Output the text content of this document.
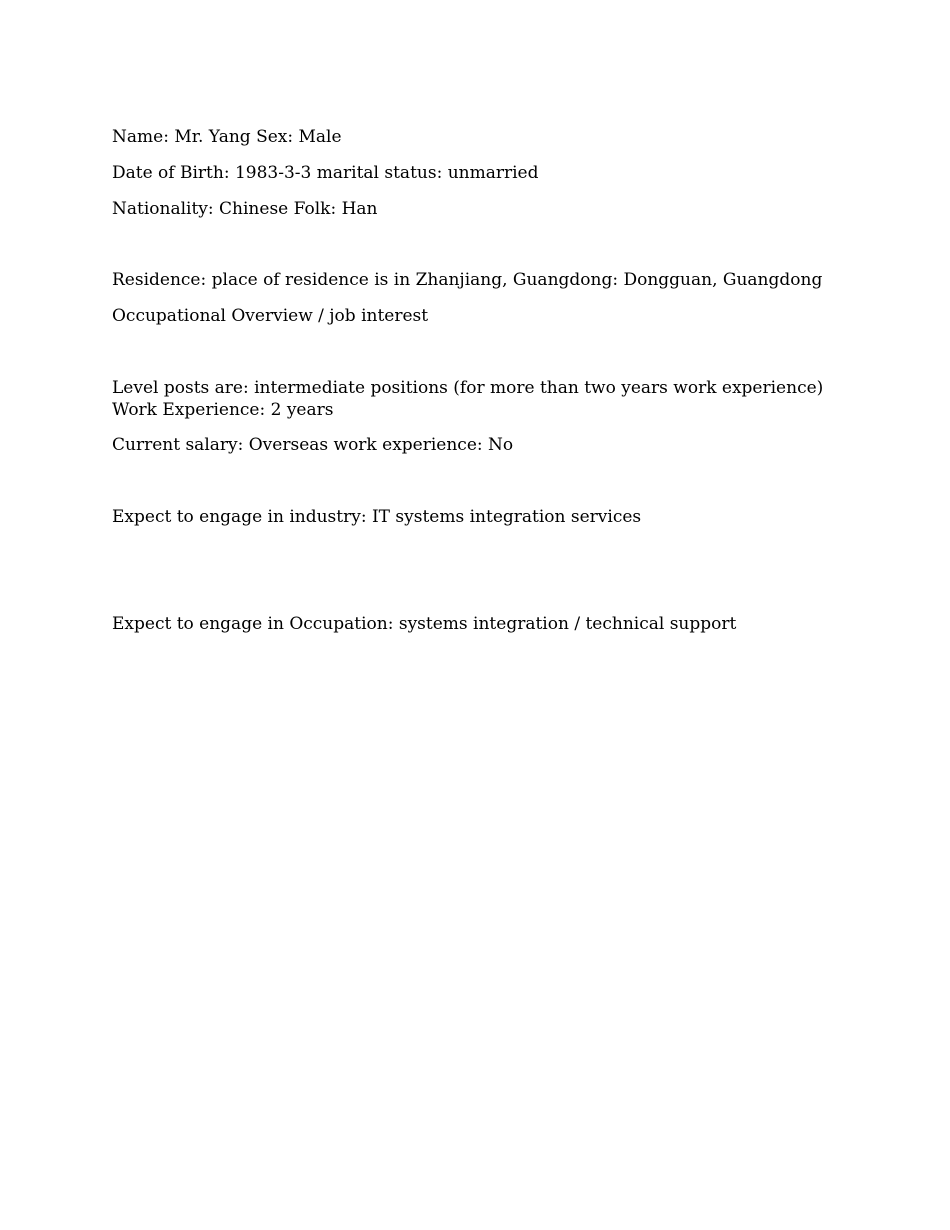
Name: Mr. Yang Sex: Male

Date of Birth: 1983-3-3 marital status: unmarried

Nationality: Chinese Folk: Han

Residence: place of residence is in Zhanjiang, Guangdong: Dongguan, Guangdong

Occupational Overview / job interest

Level posts are: intermediate positions (for more than two years work experience) Work Experience: 2 years

Current salary: Overseas work experience: No

Expect to engage in industry: IT systems integration services

Expect to engage in Occupation: systems integration / technical support
